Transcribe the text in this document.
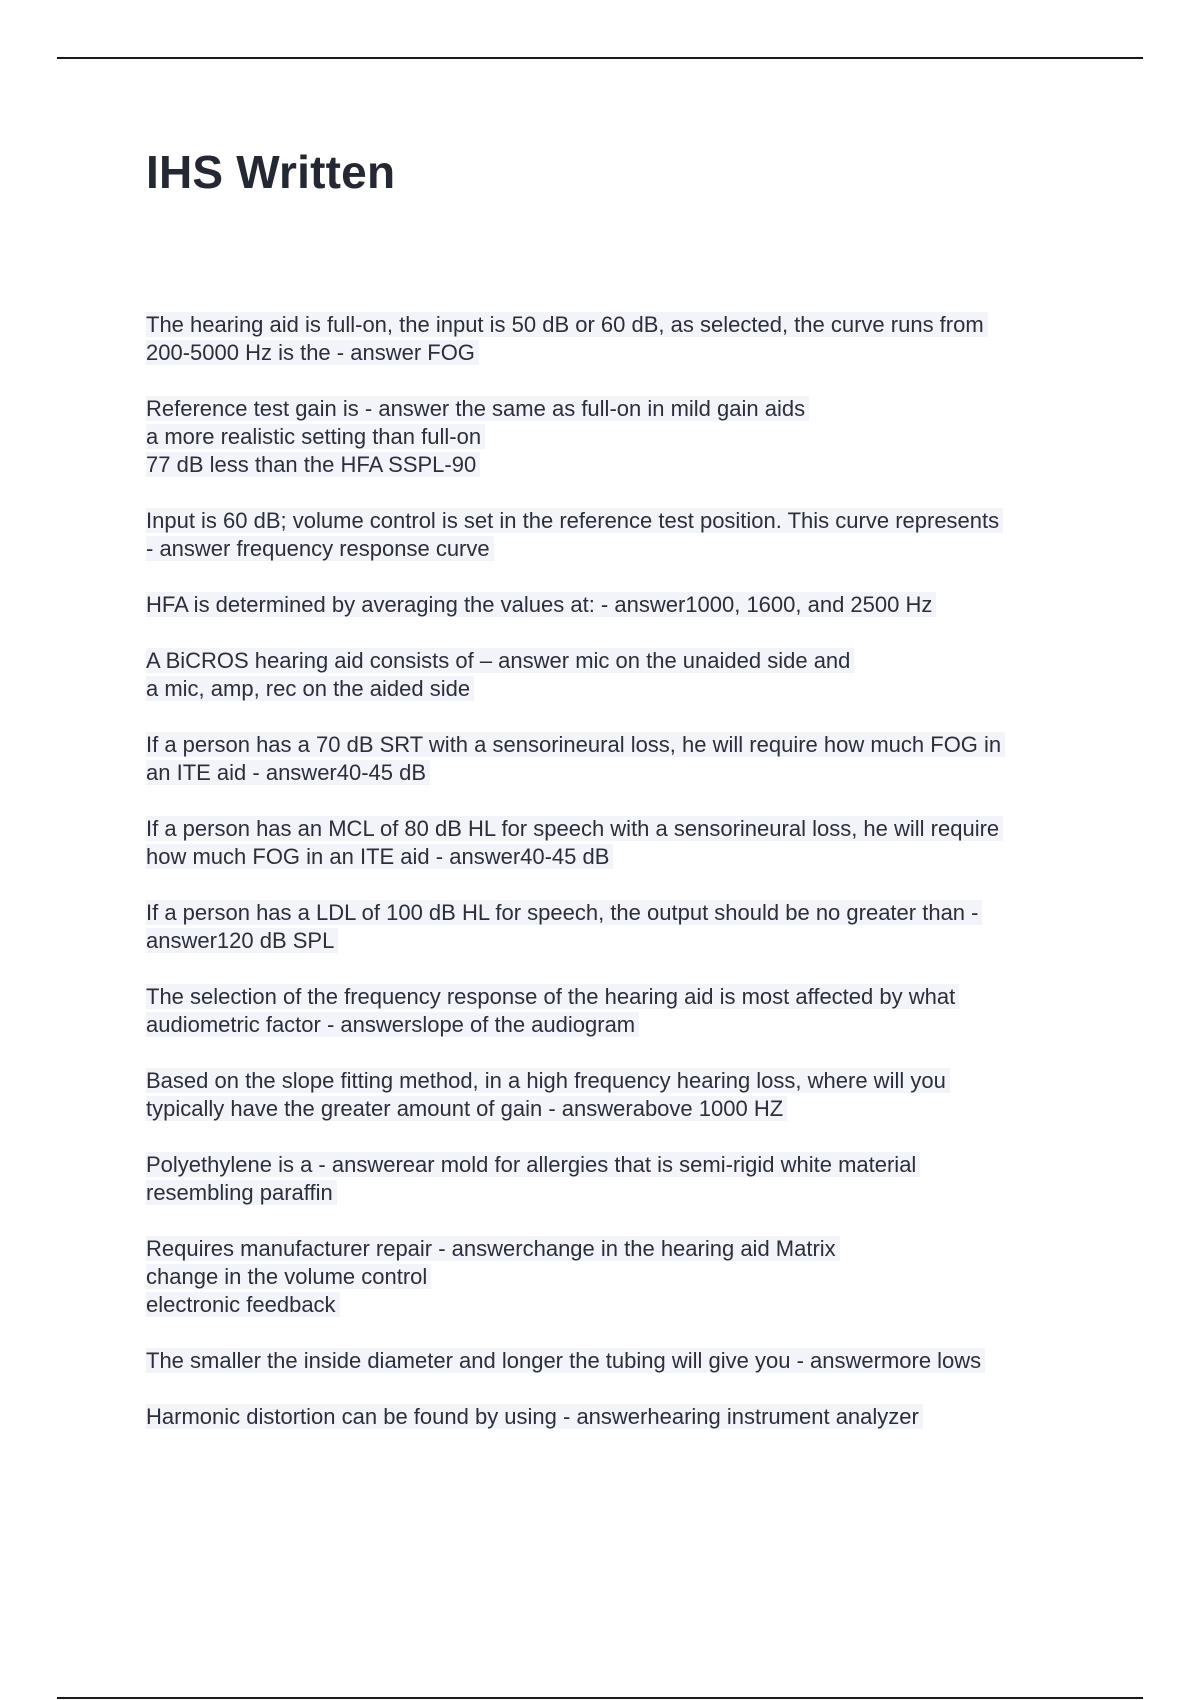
IHS Written

The hearing aid is full-on, the input is 50 dB or 60 dB, as selected, the curve runs from
200-5000 Hz is the - answer FOG

Reference test gain is - answer the same as full-on in mild gain aids
a more realistic setting than full-on
77 dB less than the HFA SSPL-90

Input is 60 dB; volume control is set in the reference test position. This curve represents
- answer frequency response curve

HFA is determined by averaging the values at: - answer1000, 1600, and 2500 Hz

A BiCROS hearing aid consists of – answer mic on the unaided side and
a mic, amp, rec on the aided side

If a person has a 70 dB SRT with a sensorineural loss, he will require how much FOG in
an ITE aid - answer40-45 dB

If a person has an MCL of 80 dB HL for speech with a sensorineural loss, he will require
how much FOG in an ITE aid - answer40-45 dB

If a person has a LDL of 100 dB HL for speech, the output should be no greater than -
answer120 dB SPL

The selection of the frequency response of the hearing aid is most affected by what
audiometric factor - answerslope of the audiogram

Based on the slope fitting method, in a high frequency hearing loss, where will you
typically have the greater amount of gain - answerabove 1000 HZ

Polyethylene is a - answerear mold for allergies that is semi-rigid white material
resembling paraffin

Requires manufacturer repair - answerchange in the hearing aid Matrix
change in the volume control
electronic feedback

The smaller the inside diameter and longer the tubing will give you - answermore lows

Harmonic distortion can be found by using - answerhearing instrument analyzer
